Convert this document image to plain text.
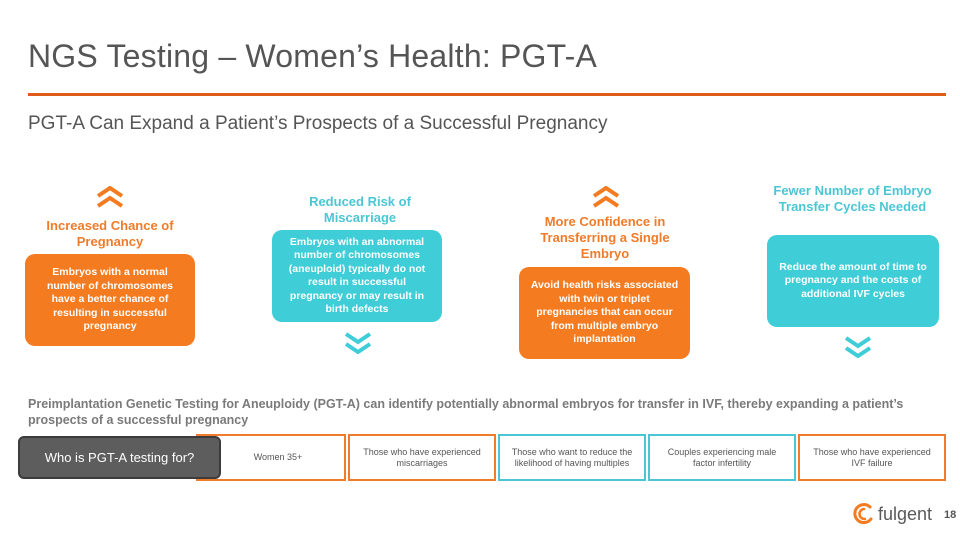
NGS Testing – Women’s Health: PGT-A
PGT-A Can Expand a Patient’s Prospects of a Successful Pregnancy
Increased Chance of Pregnancy
Embryos with a normal number of chromosomes have a better chance of resulting in successful pregnancy
Reduced Risk of Miscarriage
Embryos with an abnormal number of chromosomes (aneuploid) typically do not result in successful pregnancy or may result in birth defects
More Confidence in Transferring a Single Embryo
Avoid health risks associated with twin or triplet pregnancies that can occur from multiple embryo implantation
Fewer Number of Embryo Transfer Cycles Needed
Reduce the amount of time to pregnancy and the costs of additional IVF cycles
Preimplantation Genetic Testing for Aneuploidy (PGT-A) can identify potentially abnormal embryos for transfer in IVF, thereby expanding a patient’s prospects of a successful pregnancy
Women 35+
Those who have experienced miscarriages
Those who want to reduce the likelihood of having multiples
Couples experiencing male factor infertility
Those who have experienced IVF failure
Who is PGT-A testing for?
fulgent 18
